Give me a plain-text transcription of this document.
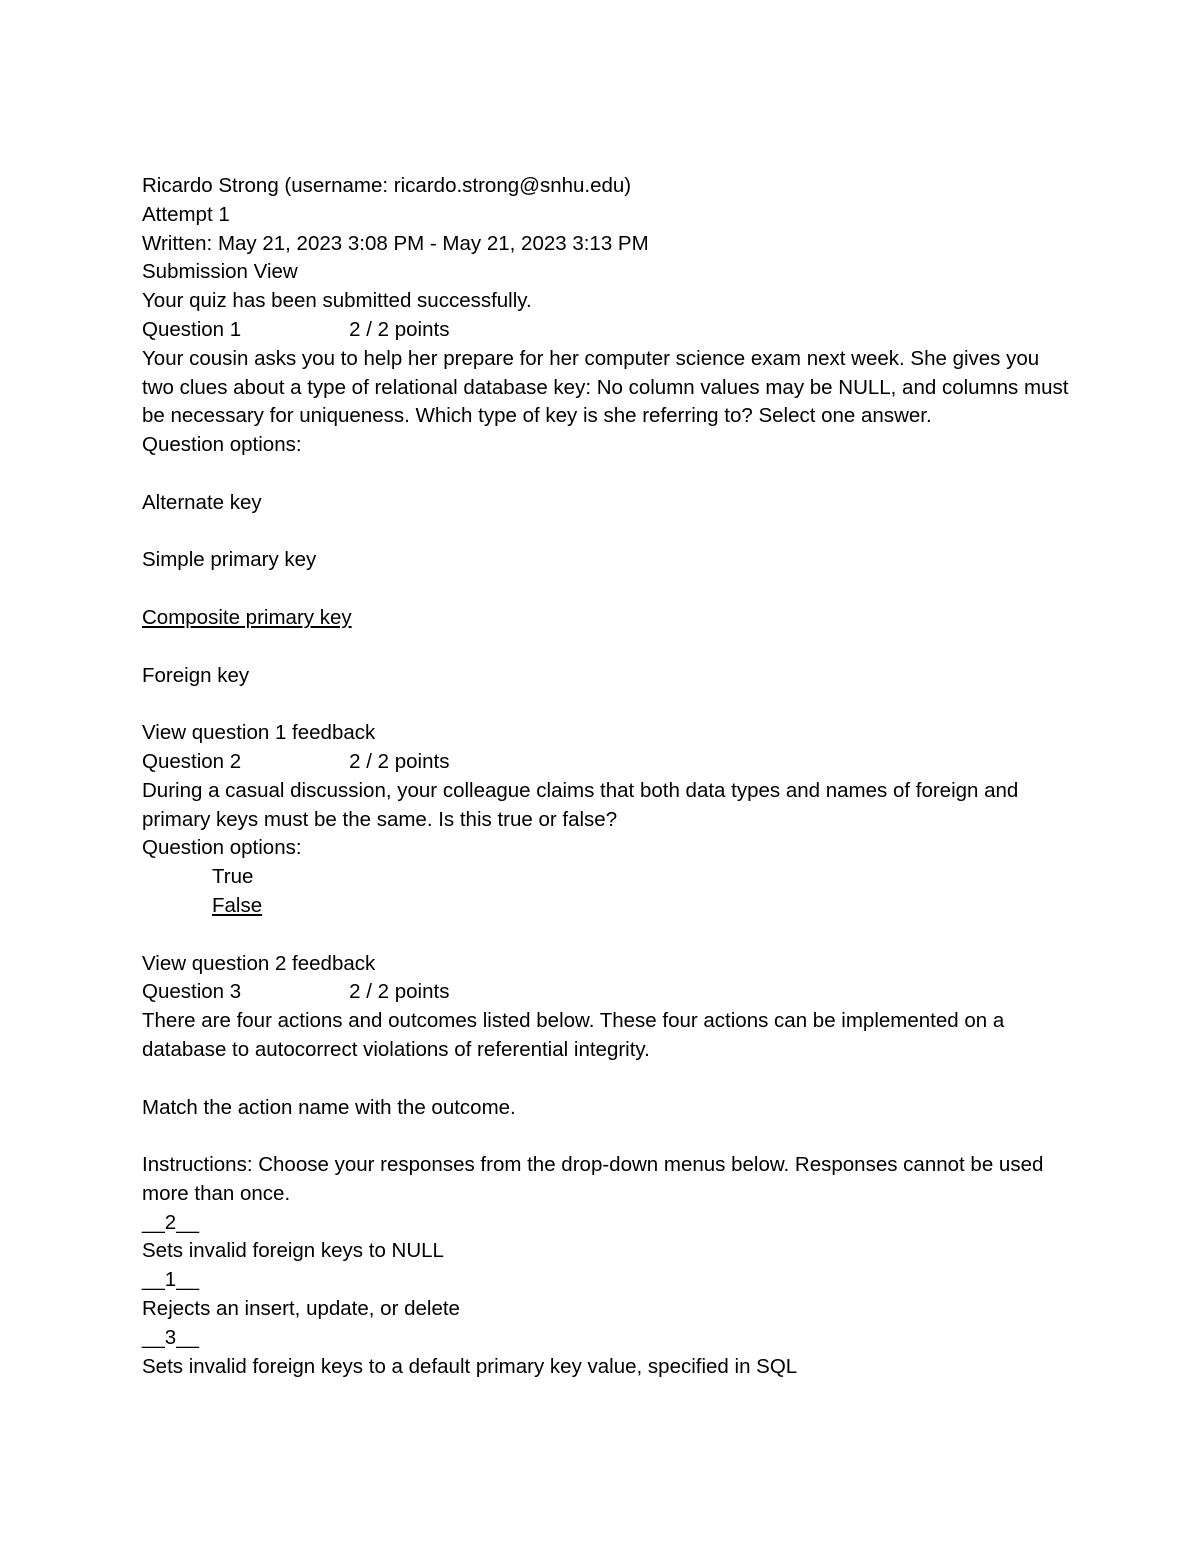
Ricardo Strong (username: ricardo.strong@snhu.edu)
Attempt 1
Written: May 21, 2023 3:08 PM - May 21, 2023 3:13 PM
Submission View
Your quiz has been submitted successfully.
Question 1	2 / 2 points
Your cousin asks you to help her prepare for her computer science exam next week. She gives you two clues about a type of relational database key: No column values may be NULL, and columns must be necessary for uniqueness. Which type of key is she referring to? Select one answer.
Question options:
Alternate key
Simple primary key
Composite primary key
Foreign key
View question 1 feedback
Question 2	2 / 2 points
During a casual discussion, your colleague claims that both data types and names of foreign and primary keys must be the same. Is this true or false?
Question options:
True
False
View question 2 feedback
Question 3	2 / 2 points
There are four actions and outcomes listed below. These four actions can be implemented on a database to autocorrect violations of referential integrity.
Match the action name with the outcome.
Instructions: Choose your responses from the drop-down menus below. Responses cannot be used more than once.
__2__
Sets invalid foreign keys to NULL
__1__
Rejects an insert, update, or delete
__3__
Sets invalid foreign keys to a default primary key value, specified in SQL
